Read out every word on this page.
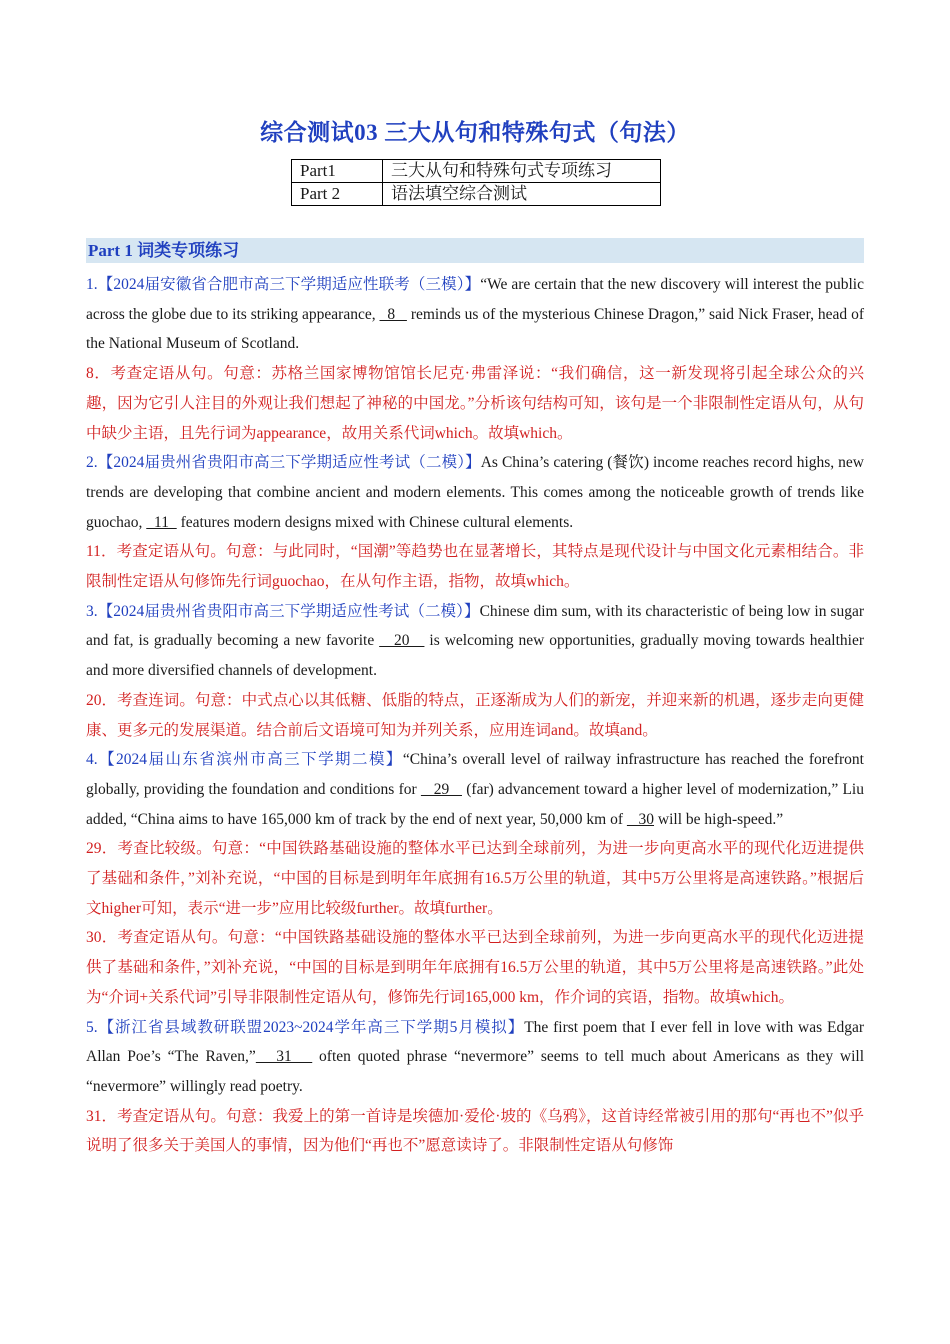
综合测试03 三大从句和特殊句式（句法）
Part1	三大从句和特殊句式专项练习
Part 2	语法填空综合测试
Part 1 词类专项练习

1.【2024届安徽省合肥市高三下学期适应性联考（三模）】“We are certain that the new discovery will interest the public across the globe due to its striking appearance,   8    reminds us of the mysterious Chinese Dragon,” said Nick Fraser, head of the National Museum of Scotland.

8．考查定语从句。句意：苏格兰国家博物馆馆长尼克·弗雷泽说：“我们确信，这一新发现将引起全球公众的兴趣，因为它引人注目的外观让我们想起了神秘的中国龙。”分析该句结构可知，该句是一个非限制性定语从句，从句中缺少主语，且先行词为appearance，故用关系代词which。故填which。

2.【2024届贵州省贵阳市高三下学期适应性考试（二模）】As China’s catering (餐饮) income reaches record highs, new trends are developing that combine ancient and modern elements. This comes among the noticeable growth of trends like guochao,   11   features modern designs mixed with Chinese cultural elements.

11．考查定语从句。句意：与此同时，“国潮”等趋势也在显著增长，其特点是现代设计与中国文化元素相结合。非限制性定语从句修饰先行词guochao，在从句作主语，指物，故填which。

3.【2024届贵州省贵阳市高三下学期适应性考试（二模）】Chinese dim sum, with its characteristic of being low in sugar and fat, is gradually becoming a new favorite    20    is welcoming new opportunities, gradually moving towards healthier and more diversified channels of development.

20．考查连词。句意：中式点心以其低糖、低脂的特点，正逐渐成为人们的新宠，并迎来新的机遇，逐步走向更健康、更多元的发展渠道。结合前后文语境可知为并列关系，应用连词and。故填and。

4.【2024届山东省滨州市高三下学期二模】“China’s overall level of railway infrastructure has reached the forefront globally, providing the foundation and conditions for    29    (far) advancement toward a higher level of modernization,” Liu added, “China aims to have 165,000 km of track by the end of next year, 50,000 km of    30 will be high-speed.”

29．考查比较级。句意：“中国铁路基础设施的整体水平已达到全球前列，为进一步向更高水平的现代化迈进提供了基础和条件，”刘补充说，“中国的目标是到明年年底拥有16.5万公里的轨道，其中5万公里将是高速铁路。”根据后文higher可知，表示“进一步”应用比较级further。故填further。

30．考查定语从句。句意：“中国铁路基础设施的整体水平已达到全球前列，为进一步向更高水平的现代化迈进提供了基础和条件，”刘补充说，“中国的目标是到明年年底拥有16.5万公里的轨道，其中5万公里将是高速铁路。”此处为“介词+关系代词”引导非限制性定语从句，修饰先行词165,000 km，作介词的宾语，指物。故填which。

5.【浙江省县域教研联盟2023~2024学年高三下学期5月模拟】The first poem that I ever fell in love with was Edgar Allan Poe’s “The Raven,”   31    often quoted phrase “nevermore” seems to tell much about Americans as they will “nevermore” willingly read poetry.

31．考查定语从句。句意：我爱上的第一首诗是埃德加·爱伦·坡的《乌鸦》，这首诗经常被引用的那句“再也不”似乎说明了很多关于美国人的事情，因为他们“再也不”愿意读诗了。非限制性定语从句修饰
